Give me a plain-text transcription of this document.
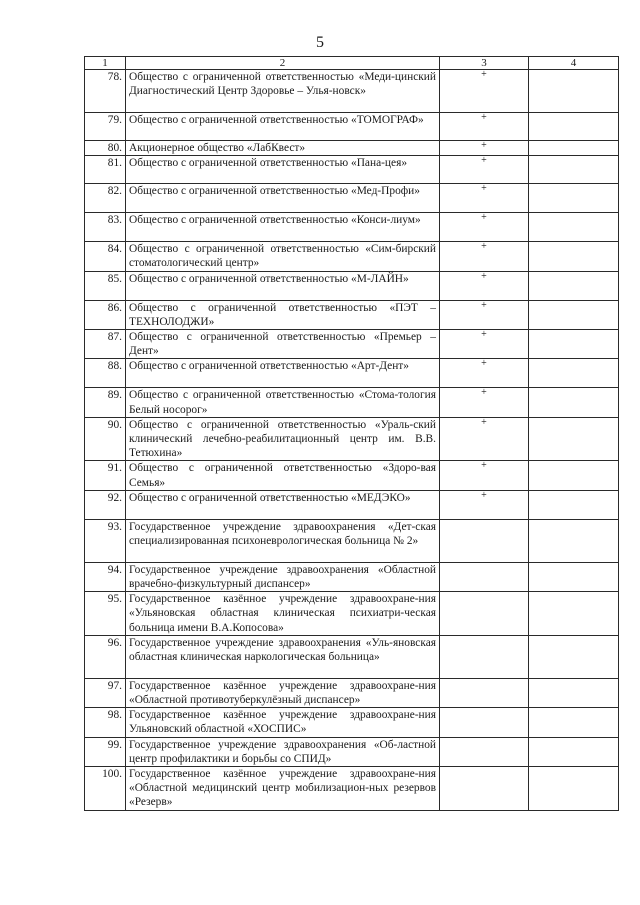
5
1	2	3	4
78.	Общество с ограниченной ответственностью «Меди-цинский Диагностический Центр Здоровье – Улья-новск»	+	
79.	Общество с ограниченной ответственностью «ТОМОГРАФ»	+	
80.	Акционерное общество «ЛабКвест»	+	
81.	Общество с ограниченной ответственностью «Пана-цея»	+	
82.	Общество с ограниченной ответственностью «Мед-Профи»	+	
83.	Общество с ограниченной ответственностью «Конси-лиум»	+	
84.	Общество с ограниченной ответственностью «Сим-бирский стоматологический центр»	+	
85.	Общество с ограниченной ответственностью «М-ЛАЙН»	+	
86.	Общество с ограниченной ответственностью «ПЭТ – ТЕХНОЛОДЖИ»	+	
87.	Общество с ограниченной ответственностью «Премьер – Дент»	+	
88.	Общество с ограниченной ответственностью «Арт-Дент»	+	
89.	Общество с ограниченной ответственностью «Стома-тология Белый носорог»	+	
90.	Общество с ограниченной ответственностью «Ураль-ский клинический лечебно-реабилитационный центр им. В.В. Тетюхина»	+	
91.	Общество с ограниченной ответственностью «Здоро-вая Семья»	+	
92.	Общество с ограниченной ответственностью «МЕДЭКО»	+	
93.	Государственное учреждение здравоохранения «Дет-ская специализированная психоневрологическая больница № 2»		
94.	Государственное учреждение здравоохранения «Областной врачебно-физкультурный диспансер»		
95.	Государственное казённое учреждение здравоохране-ния «Ульяновская областная клиническая психиатри-ческая больница имени В.А.Копосова»		
96.	Государственное учреждение здравоохранения «Уль-яновская областная клиническая наркологическая больница»		
97.	Государственное казённое учреждение здравоохране-ния «Областной противотуберкулёзный диспансер»		
98.	Государственное казённое учреждение здравоохране-ния Ульяновский областной «ХОСПИС»		
99.	Государственное учреждение здравоохранения «Об-ластной центр профилактики и борьбы со СПИД»		
100.	Государственное казённое учреждение здравоохране-ния «Областной медицинский центр мобилизацион-ных резервов «Резерв»		
